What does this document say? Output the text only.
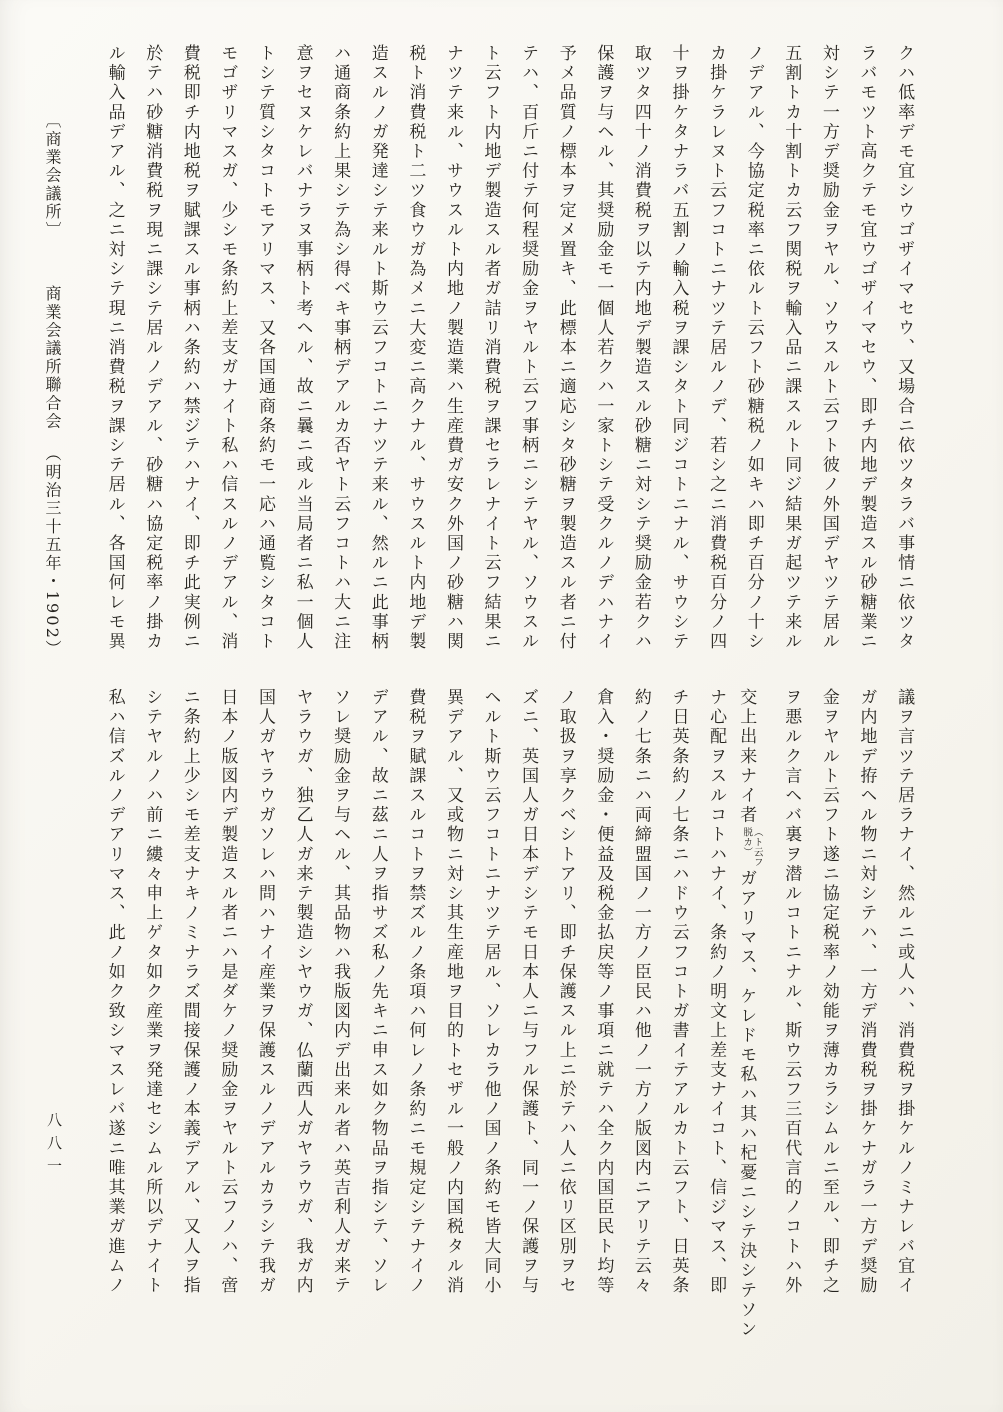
クハ低率デモ宜シウゴザイマセウ、又場合ニ依ツタラバ事情ニ依ツタ
ラバモツト高クテモ宜ウゴザイマセウ、即チ内地デ製造スル砂糖業ニ
対シテ一方デ奨励金ヲヤル、ソウスルト云フト彼ノ外国デヤツテ居ル
五割トカ十割トカ云フ関税ヲ輸入品ニ課スルト同ジ結果ガ起ツテ来ル
ノデアル、今協定税率ニ依ルト云フト砂糖税ノ如キハ即チ百分ノ十シ
カ掛ケラレヌト云フコトニナツテ居ルノデ、若シ之ニ消費税百分ノ四
十ヲ掛ケタナラバ五割ノ輸入税ヲ課シタト同ジコトニナル、サウシテ
取ツタ四十ノ消費税ヲ以テ内地デ製造スル砂糖ニ対シテ奨励金若クハ
保護ヲ与ヘル、其奨励金モ一個人若クハ一家トシテ受クルノデハナイ
予メ品質ノ標本ヲ定メ置キ、此標本ニ適応シタ砂糖ヲ製造スル者ニ付
テハ、百斤ニ付テ何程奨励金ヲヤルト云フ事柄ニシテヤル、ソウスル
ト云フト内地デ製造スル者ガ詰リ消費税ヲ課セラレナイト云フ結果ニ
ナツテ来ル、サウスルト内地ノ製造業ハ生産費ガ安ク外国ノ砂糖ハ関
税ト消費税ト二ツ食ウガ為メニ大変ニ高クナル、サウスルト内地デ製
造スルノガ発達シテ来ルト斯ウ云フコトニナツテ来ル、然ルニ此事柄
ハ通商条約上果シテ為シ得ベキ事柄デアルカ否ヤト云フコトハ大ニ注
意ヲセヌケレバナラヌ事柄ト考ヘル、故ニ曩ニ或ル当局者ニ私一個人
トシテ質シタコトモアリマス、又各国通商条約モ一応ハ通覧シタコト
モゴザリマスガ、少シモ条約上差支ガナイト私ハ信スルノデアル、消
費税即チ内地税ヲ賦課スル事柄ハ条約ハ禁ジテハナイ、即チ此実例ニ
於テハ砂糖消費税ヲ現ニ課シテ居ルノデアル、砂糖ハ協定税率ノ掛カ
ル輸入品デアル、之ニ対シテ現ニ消費税ヲ課シテ居ル、各国何レモ異
〔商業会議所〕商業会議所聯合会（明治三十五年・1902）
議ヲ言ツテ居ラナイ、然ルニ或人ハ、消費税ヲ掛ケルノミナレバ宜イ
ガ内地デ拵ヘル物ニ対シテハ、一方デ消費税ヲ掛ケナガラ一方デ奨励
金ヲヤルト云フト遂ニ協定税率ノ効能ヲ薄カラシムルニ至ル、即チ之
ヲ悪ルク言ヘバ裏ヲ潜ルコトニナル、斯ウ云フ三百代言的ノコトハ外
交上出来ナイ者（ト云フ
脱カ）ガアリマス、ケレドモ私ハ其ハ杞憂ニシテ決シテソン
ナ心配ヲスルコトハナイ、条約ノ明文上差支ナイコト、信ジマス、即
チ日英条約ノ七条ニハドウ云フコトガ書イテアルカト云フト、日英条
約ノ七条ニハ両締盟国ノ一方ノ臣民ハ他ノ一方ノ版図内ニアリテ云々
倉入・奨励金・便益及税金払戻等ノ事項ニ就テハ全ク内国臣民ト均等
ノ取扱ヲ享クベシトアリ、即チ保護スル上ニ於テハ人ニ依リ区別ヲセ
ズニ、英国人ガ日本デシテモ日本人ニ与フル保護ト、同一ノ保護ヲ与
ヘルト斯ウ云フコトニナツテ居ル、ソレカラ他ノ国ノ条約モ皆大同小
異デアル、又或物ニ対シ其生産地ヲ目的トセザル一般ノ内国税タル消
費税ヲ賦課スルコトヲ禁ズルノ条項ハ何レノ条約ニモ規定シテナイノ
デアル、故ニ茲ニ人ヲ指サズ私ノ先キニ申ス如ク物品ヲ指シテ、ソレ
ソレ奨励金ヲ与ヘル、其品物ハ我版図内デ出来ル者ハ英吉利人ガ来テ
ヤラウガ、独乙人ガ来テ製造シヤウガ、仏蘭西人ガヤラウガ、我ガ内
国人ガヤラウガソレハ問ハナイ産業ヲ保護スルノデアルカラシテ我ガ
日本ノ版図内デ製造スル者ニハ是ダケノ奨励金ヲヤルト云フノハ、啻
ニ条約上少シモ差支ナキノミナラズ間接保護ノ本義デアル、又人ヲ指
シテヤルノハ前ニ縷々申上ゲタ如ク産業ヲ発達セシムル所以デナイト
私ハ信ズルノデアリマス、此ノ如ク致シマスレバ遂ニ唯其業ガ進ムノ
八八一
